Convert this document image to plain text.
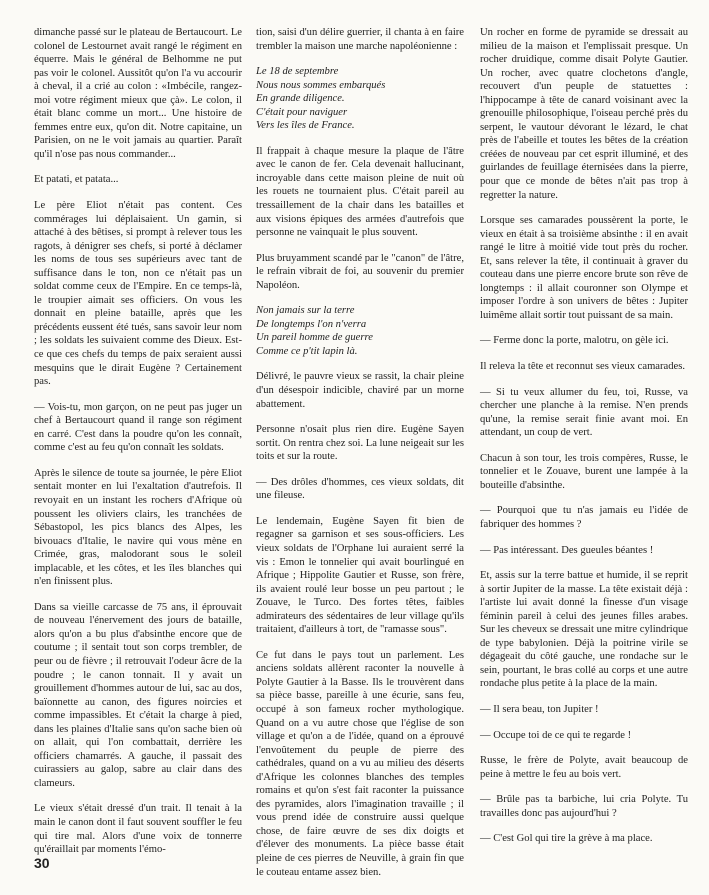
dimanche passé sur le plateau de Bertaucourt. Le colonel de Lestournet avait rangé le régiment en équerre. Mais le général de Belhomme ne put pas voir le colonel. Aussitôt qu'on l'a vu accourir à cheval, il a crié au colon : «Imbécile, rangez-moi votre régiment mieux que çà». Le colon, il était blanc comme un mort... Une histoire de femmes entre eux, qu'on dit. Notre capitaine, un Parisien, on ne le voit jamais au quartier. Paraît qu'il n'ose pas nous commander...

Et patati, et patata...

Le père Eliot n'était pas content. Ces commérages lui déplaisaient. Un gamin, si attaché à des bêtises, si prompt à relever tous les ragots, à dénigrer ses chefs, si porté à déclamer les noms de tous ses supérieurs avec tant de suffisance dans le ton, non ce n'était pas un soldat comme ceux de l'Empire. En ce temps-là, le troupier aimait ses officiers. On vous les donnait en pleine bataille, après que les précédents eussent été tués, sans savoir leur nom ; les soldats les suivaient comme des Dieux. Est-ce que ces chefs du temps de paix seraient aussi mesquins que le dirait Eugène ? Certainement pas.

— Vois-tu, mon garçon, on ne peut pas juger un chef à Bertaucourt quand il range son régiment en carré. C'est dans la poudre qu'on les connaît, comme c'est au feu qu'on connaît les soldats.

Après le silence de toute sa journée, le père Eliot sentait monter en lui l'exaltation d'autrefois. Il revoyait en un instant les rochers d'Afrique où poussent les oliviers clairs, les tranchées de Sébastopol, les pics blancs des Alpes, les bivouacs d'Italie, le navire qui vous mène en Crimée, gras, malodorant sous le soleil implacable, et les côtes, et les îles blanches qui n'en finissent plus.

Dans sa vieille carcasse de 75 ans, il éprouvait de nouveau l'énervement des jours de bataille, alors qu'on a bu plus d'absinthe encore que de coutume ; il sentait tout son corps trembler, de peur ou de fièvre ; il retrouvait l'odeur âcre de la poudre ; le canon tonnait. Il y avait un grouillement d'hommes autour de lui, sac au dos, baïonnette au canon, des figures noircies et comme impassibles. Et c'était la charge à pied, dans les plaines d'Italie sans qu'on sache bien où on allait, qui l'on combattait, derrière les officiers chamarrés. A gauche, il passait des cuirassiers au galop, sabre au clair dans des clameurs.

Le vieux s'était dressé d'un trait. Il tenait à la main le canon dont il faut souvent souffler le feu qui tire mal. Alors d'une voix de tonnerre qu'éraillait par moments l'émo-

tion, saisi d'un délire guerrier, il chanta à en faire trembler la maison une marche napoléonienne :

Le 18 de septembre
Nous nous sommes embarqués
En grande diligence.
C'était pour naviguer
Vers les îles de France.

Il frappait à chaque mesure la plaque de l'âtre avec le canon de fer. Cela devenait hallucinant, incroyable dans cette maison pleine de nuit où les rouets ne tournaient plus. C'était pareil au tressaillement de la chair dans les batailles et aux visions épiques des armées d'autrefois que personne ne vainquait le plus souvent.

Plus bruyamment scandé par le "canon" de l'âtre, le refrain vibrait de foi, au souvenir du premier Napoléon.

Non jamais sur la terre
De longtemps l'on n'verra
Un pareil homme de guerre
Comme ce p'tit lapin là.

Délivré, le pauvre vieux se rassit, la chair pleine d'un désespoir indicible, chaviré par un morne abattement.

Personne n'osait plus rien dire. Eugène Sayen sortit. On rentra chez soi. La lune neigeait sur les toits et sur la route.

— Des drôles d'hommes, ces vieux soldats, dit une fileuse.

Le lendemain, Eugène Sayen fit bien de regagner sa garnison et ses sous-officiers. Les vieux soldats de l'Orphane lui auraient serré la vis : Emon le tonnelier qui avait bourlingué en Afrique ; Hippolite Gautier et Russe, son frère, ils avaient roulé leur bosse un peu partout ; le Zouave, le Turco. Des fortes têtes, faibles admirateurs des sédentaires de leur village qu'ils traitaient, d'ailleurs à tort, de "ramasse sous".

Ce fut dans le pays tout un parlement. Les anciens soldats allèrent raconter la nouvelle à Polyte Gautier à la Basse. Ils le trouvèrent dans sa pièce basse, pareille à une écurie, sans feu, occupé à son fameux rocher mythologique. Quand on a vu autre chose que l'église de son village et qu'on a de l'idée, quand on a éprouvé l'envoûtement du peuple de pierre des cathédrales, quand on a vu au milieu des déserts d'Afrique les colonnes blanches des temples romains et qu'on s'est fait raconter la puissance des pyramides, alors l'imagination travaille ; il vous prend idée de construire aussi quelque chose, de faire œuvre de ses dix doigts et d'élever des monuments. La pièce basse était pleine de ces pierres de Neuville, à grain fin que le couteau entame assez bien.

Un rocher en forme de pyramide se dressait au milieu de la maison et l'emplissait presque. Un rocher druidique, comme disait Polyte Gautier. Un rocher, avec quatre clochetons d'angle, recouvert d'un peuple de statuettes : l'hippocampe à tête de canard voisinant avec la grenouille philosophique, l'oiseau perché près du serpent, le vautour dévorant le lézard, le chat près de l'abeille et toutes les bêtes de la création créées de nouveau par cet esprit illuminé, et des guirlandes de feuillage éternisées dans la pierre, pour que ce monde de bêtes n'ait pas trop à regretter la nature.

Lorsque ses camarades poussèrent la porte, le vieux en était à sa troisième absinthe : il en avait rangé le litre à moitié vide tout près du rocher. Et, sans relever la tête, il continuait à graver du couteau dans une pierre encore brute son rêve de longtemps : il allait couronner son Olympe et imposer l'ordre à son univers de bêtes : Jupiter luimême allait sortir tout puissant de sa main.

— Ferme donc la porte, malotru, on gèle ici.

Il releva la tête et reconnut ses vieux camarades.

— Si tu veux allumer du feu, toi, Russe, va chercher une planche à la remise. N'en prends qu'une, la remise serait finie avant moi. En attendant, un coup de vert.

Chacun à son tour, les trois compères, Russe, le tonnelier et le Zouave, burent une lampée à la bouteille d'absinthe.

— Pourquoi que tu n'as jamais eu l'idée de fabriquer des hommes ?

— Pas intéressant. Des gueules béantes !

Et, assis sur la terre battue et humide, il se reprit à sortir Jupiter de la masse. La tête existait déjà : l'artiste lui avait donné la finesse d'un visage féminin pareil à celui des jeunes filles arabes. Sur les cheveux se dressait une mitre cylindrique de type babylonien. Déjà la poitrine virile se dégageait du côté gauche, une rondache sur le sein, pourtant, le bras collé au corps et une autre rondache plus petite à la place de la main.

— Il sera beau, ton Jupiter !

— Occupe toi de ce qui te regarde !

Russe, le frère de Polyte, avait beaucoup de peine à mettre le feu au bois vert.

— Brûle pas ta barbiche, lui cria Polyte. Tu travailles donc pas aujourd'hui ?

— C'est Gol qui tire la grève à ma place.

30
